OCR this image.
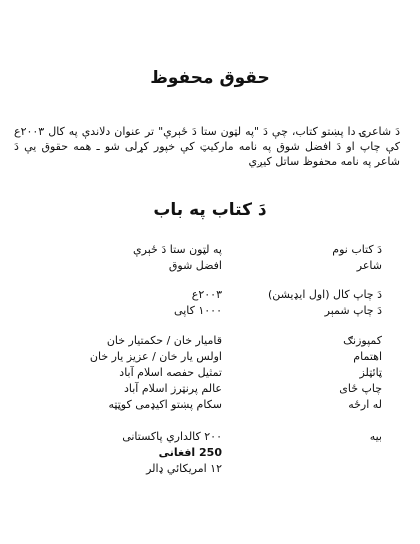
حقوق محفوظ
دَ شاعرۍ دا پښتو کتاب، چې دَ "په لټون ستا دَ ځېرې" تر عنوان دلاندې په کال ۲۰۰۳ع کې چاپ او دَ افضل شوق په نامه مارکیټ کې خپور کړلی شو ـ همه حقوق یې دَ شاعر په نامه محفوظ ساتل کیږي
دَ کتاب په باب
دَ کتاب نوم
په لټون ستا دَ ځېرې
شاعر
افضل شوق
دَ چاپ کال (اول ایډیشن)
۲۰۰۳ع
دَ چاپ شمېر
۱۰۰۰ کاپی
کمپوزنګ
قامیار خان / حکمتیار خان
اهتمام
اولس یار خان / عزیز یار خان
ټائټلز
تمثیل حفصه اسلام آباد
چاپ ځای
عالم پرنټرز اسلام آباد
له ارځه
سکام پښتو اکیډمی کوټټه
بيه
۲۰۰ کالداري پاکستانی
250 افغانی
۱۲ امریکائي ډالر
